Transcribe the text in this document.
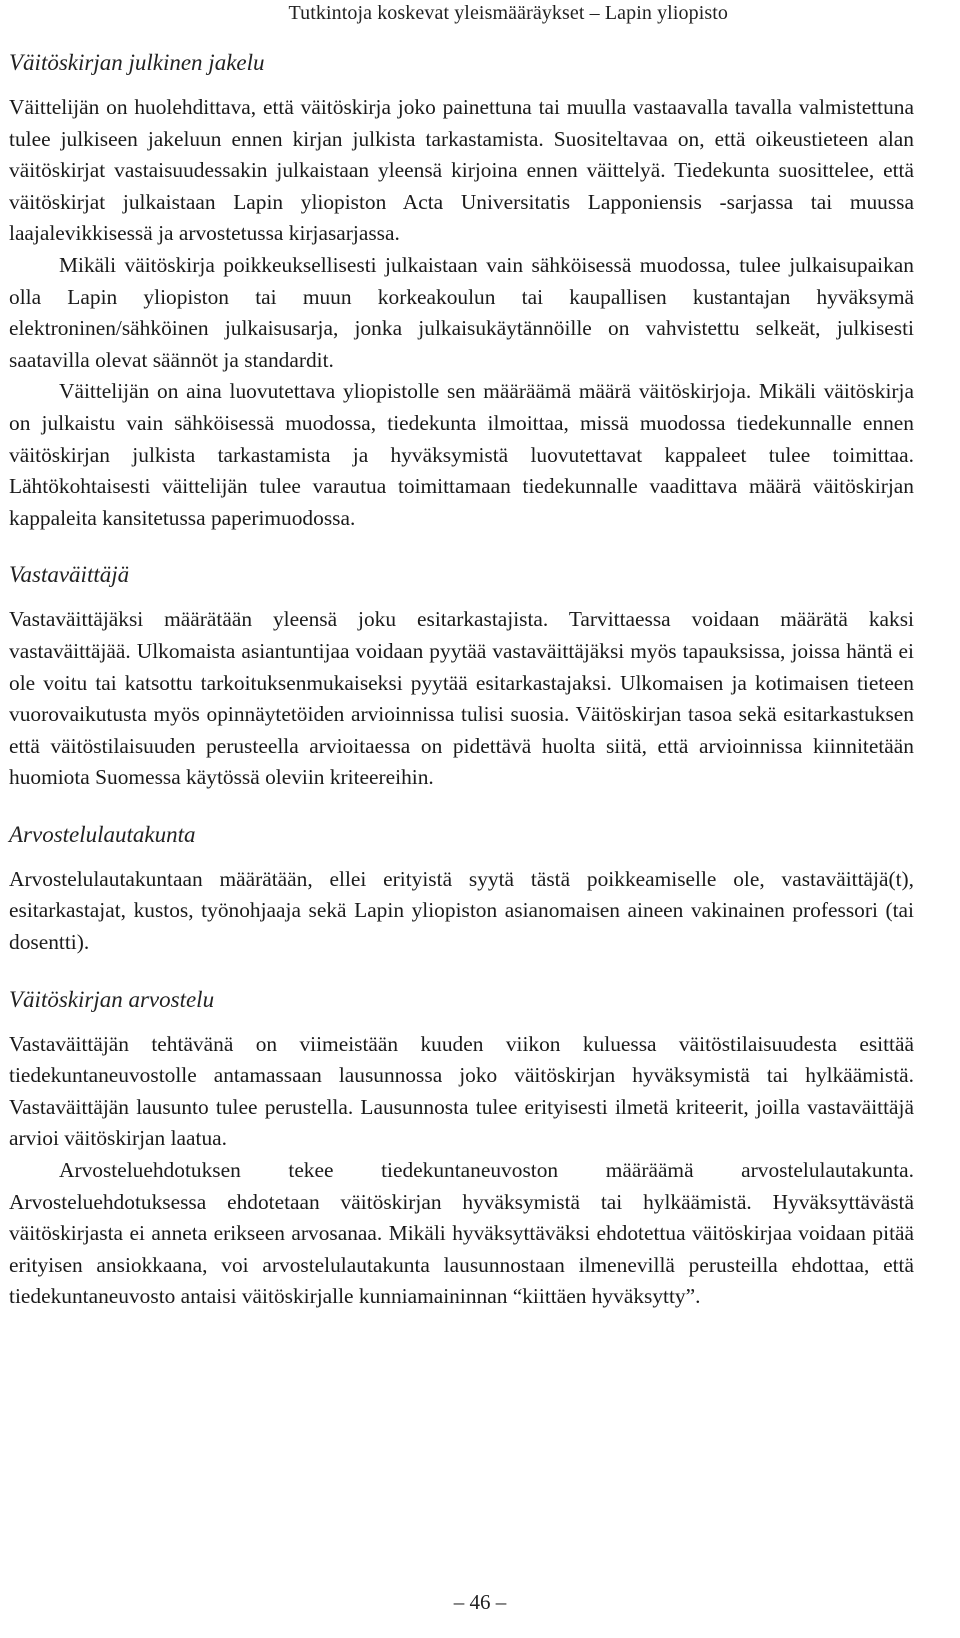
Tutkintoja koskevat yleismääräykset – Lapin yliopisto
Väitöskirjan julkinen jakelu

Väittelijän on huolehdittava, että väitöskirja joko painettuna tai muulla vastaavalla tavalla valmistettuna tulee julkiseen jakeluun ennen kirjan julkista tarkastamista. Suositeltavaa on, että oikeustieteen alan väitöskirjat vastaisuudessakin julkaistaan yleensä kirjoina ennen väittelyä. Tiedekunta suosittelee, että väitöskirjat julkaistaan Lapin yliopiston Acta Universitatis Lapponiensis -sarjassa tai muussa laajalevikkisessä ja arvostetussa kirjasarjassa.

Mikäli väitöskirja poikkeuksellisesti julkaistaan vain sähköisessä muodossa, tulee julkaisupaikan olla Lapin yliopiston tai muun korkeakoulun tai kaupallisen kustantajan hyväksymä elektroninen/sähköinen julkaisusarja, jonka julkaisukäytännöille on vahvistettu selkeät, julkisesti saatavilla olevat säännöt ja standardit.

Väittelijän on aina luovutettava yliopistolle sen määräämä määrä väitöskirjoja. Mikäli väitöskirja on julkaistu vain sähköisessä muodossa, tiedekunta ilmoittaa, missä muodossa tiedekunnalle ennen väitöskirjan julkista tarkastamista ja hyväksymistä luovutettavat kappaleet tulee toimittaa. Lähtökohtaisesti väittelijän tulee varautua toimittamaan tiedekunnalle vaadittava määrä väitöskirjan kappaleita kansitetussa paperimuodossa.

Vastaväittäjä

Vastaväittäjäksi määrätään yleensä joku esitarkastajista. Tarvittaessa voidaan määrätä kaksi vastaväittäjää. Ulkomaista asiantuntijaa voidaan pyytää vastaväittäjäksi myös tapauksissa, joissa häntä ei ole voitu tai katsottu tarkoituksenmukaiseksi pyytää esitarkastajaksi. Ulkomaisen ja kotimaisen tieteen vuorovaikutusta myös opinnäytetöiden arvioinnissa tulisi suosia. Väitöskirjan tasoa sekä esitarkastuksen että väitöstilaisuuden perusteella arvioitaessa on pidettävä huolta siitä, että arvioinnissa kiinnitetään huomiota Suomessa käytössä oleviin kriteereihin.

Arvostelulautakunta

Arvostelulautakuntaan määrätään, ellei erityistä syytä tästä poikkeamiselle ole, vastaväittäjä(t), esitarkastajat, kustos, työnohjaaja sekä Lapin yliopiston asianomaisen aineen vakinainen professori (tai dosentti).

Väitöskirjan arvostelu

Vastaväittäjän tehtävänä on viimeistään kuuden viikon kuluessa väitöstilaisuudesta esittää tiedekuntaneuvostolle antamassaan lausunnossa joko väitöskirjan hyväksymistä tai hylkäämistä. Vastaväittäjän lausunto tulee perustella. Lausunnosta tulee erityisesti ilmetä kriteerit, joilla vastaväittäjä arvioi väitöskirjan laatua.

Arvosteluehdotuksen tekee tiedekuntaneuvoston määräämä arvostelulautakunta. Arvosteluehdotuksessa ehdotetaan väitöskirjan hyväksymistä tai hylkäämistä. Hyväksyttävästä väitöskirjasta ei anneta erikseen arvosanaa. Mikäli hyväksyttäväksi ehdotettua väitöskirjaa voidaan pitää erityisen ansiokkaana, voi arvostelulautakunta lausunnostaan ilmenevillä perusteilla ehdottaa, että tiedekuntaneuvosto antaisi väitöskirjalle kunniamaininnan “kiittäen hyväksytty”.

– 46 –
